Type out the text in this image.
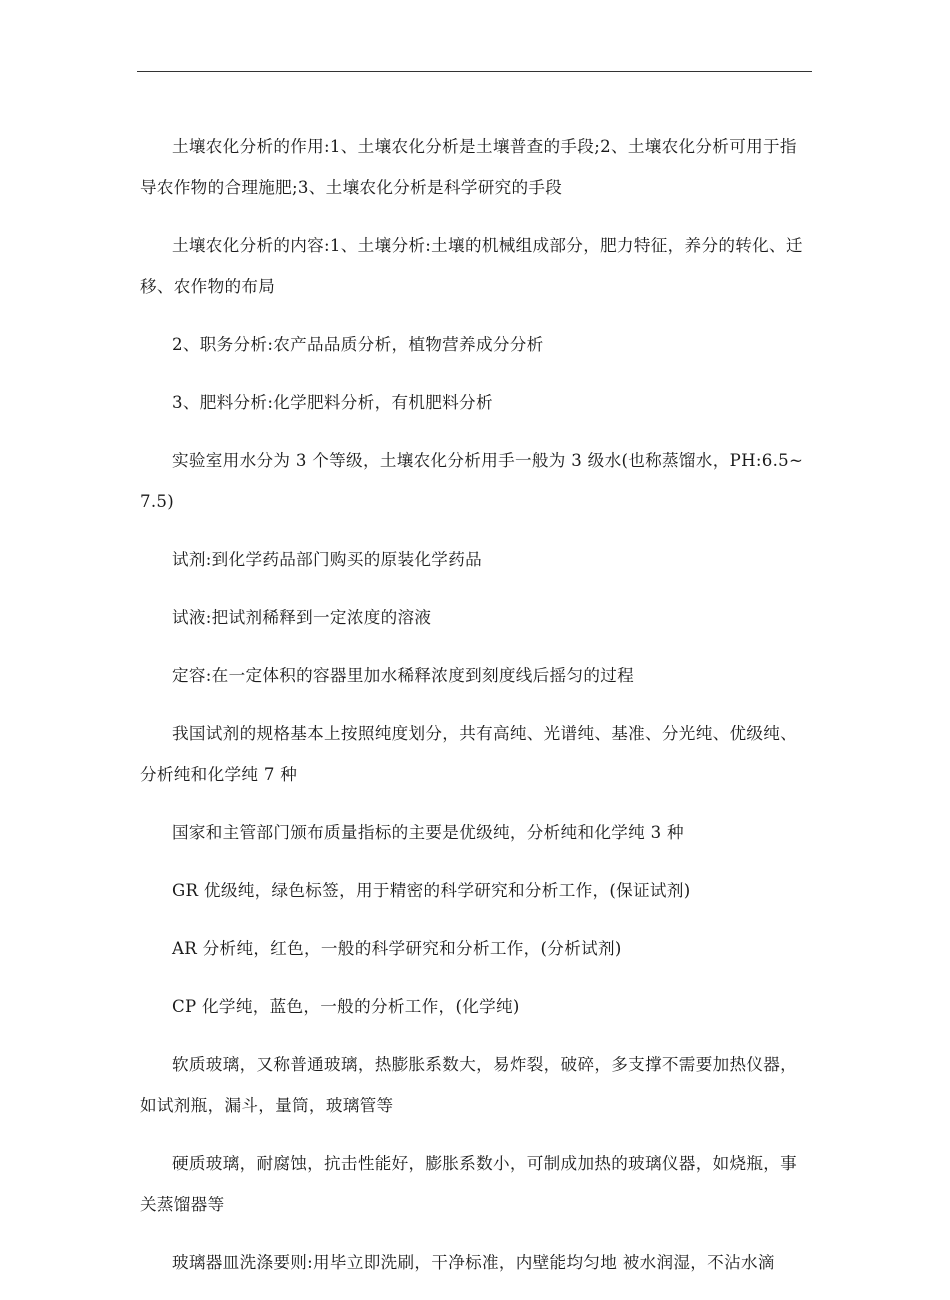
土壤农化分析的作用:1、土壤农化分析是土壤普查的手段;2、土壤农化分析可用于指导农作物的合理施肥;3、土壤农化分析是科学研究的手段

土壤农化分析的内容:1、土壤分析:土壤的机械组成部分，肥力特征，养分的转化、迁移、农作物的布局

2、职务分析:农产品品质分析，植物营养成分分析

3、肥料分析:化学肥料分析，有机肥料分析

实验室用水分为 3 个等级，土壤农化分析用手一般为 3 级水(也称蒸馏水，PH:6.5~7.5)

试剂:到化学药品部门购买的原装化学药品

试液:把试剂稀释到一定浓度的溶液

定容:在一定体积的容器里加水稀释浓度到刻度线后摇匀的过程

我国试剂的规格基本上按照纯度划分，共有高纯、光谱纯、基准、分光纯、优级纯、分析纯和化学纯 7 种

国家和主管部门颁布质量指标的主要是优级纯，分析纯和化学纯 3 种

GR 优级纯，绿色标签，用于精密的科学研究和分析工作，(保证试剂)

AR 分析纯，红色，一般的科学研究和分析工作，(分析试剂)

CP 化学纯，蓝色，一般的分析工作，(化学纯)

软质玻璃，又称普通玻璃，热膨胀系数大，易炸裂，破碎，多支撑不需要加热仪器，如试剂瓶，漏斗，量筒，玻璃管等

硬质玻璃，耐腐蚀，抗击性能好，膨胀系数小，可制成加热的玻璃仪器，如烧瓶，事关蒸馏器等

玻璃器皿洗涤要则:用毕立即洗刷，干净标准，内壁能均匀地 被水润湿，不沾水滴
